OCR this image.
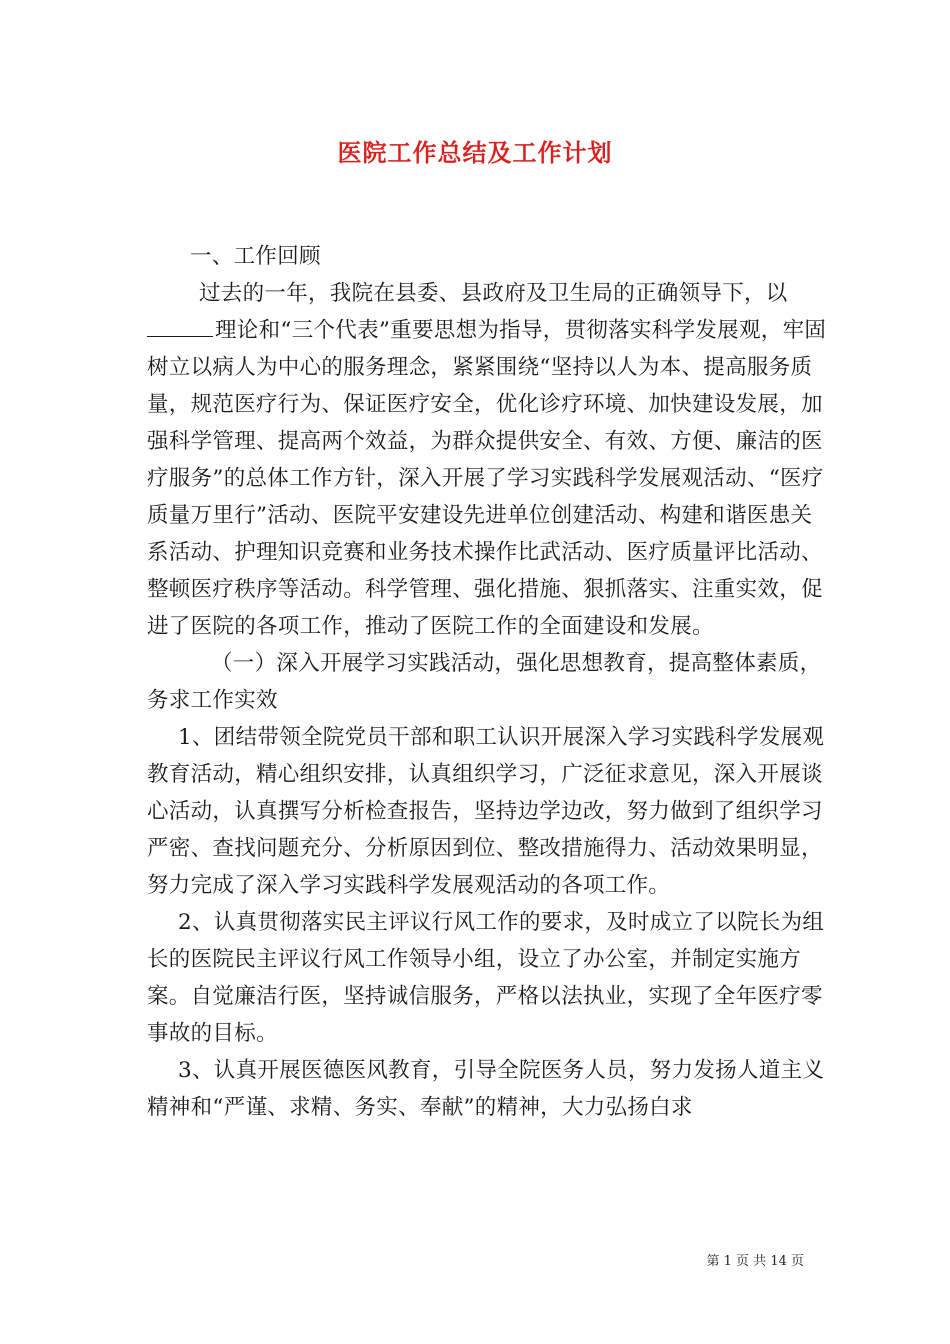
医院工作总结及工作计划

一、工作回顾

过去的一年，我院在县委、县政府及卫生局的正确领导下，以
理论和“三个代表”重要思想为指导，贯彻落实科学发展观，牢固树立以病人为中心的服务理念，紧紧围绕“坚持以人为本、提高服务质量，规范医疗行为、保证医疗安全，优化诊疗环境、加快建设发展，加强科学管理、提高两个效益，为群众提供安全、有效、方便、廉洁的医疗服务”的总体工作方针，深入开展了学习实践科学发展观活动、“医疗质量万里行”活动、医院平安建设先进单位创建活动、构建和谐医患关系活动、护理知识竞赛和业务技术操作比武活动、医疗质量评比活动、整顿医疗秩序等活动。科学管理、强化措施、狠抓落实、注重实效，促进了医院的各项工作，推动了医院工作的全面建设和发展。

（一）深入开展学习实践活动，强化思想教育，提高整体素质，务求工作实效

1、团结带领全院党员干部和职工认识开展深入学习实践科学发展观教育活动，精心组织安排，认真组织学习，广泛征求意见，深入开展谈心活动，认真撰写分析检查报告，坚持边学边改，努力做到了组织学习严密、查找问题充分、分析原因到位、整改措施得力、活动效果明显，努力完成了深入学习实践科学发展观活动的各项工作。

2、认真贯彻落实民主评议行风工作的要求，及时成立了以院长为组长的医院民主评议行风工作领导小组，设立了办公室，并制定实施方案。自觉廉洁行医，坚持诚信服务，严格以法执业，实现了全年医疗零事故的目标。

3、认真开展医德医风教育，引导全院医务人员，努力发扬人道主义精神和“严谨、求精、务实、奉献”的精神，大力弘扬白求

第 1 页 共 14 页
